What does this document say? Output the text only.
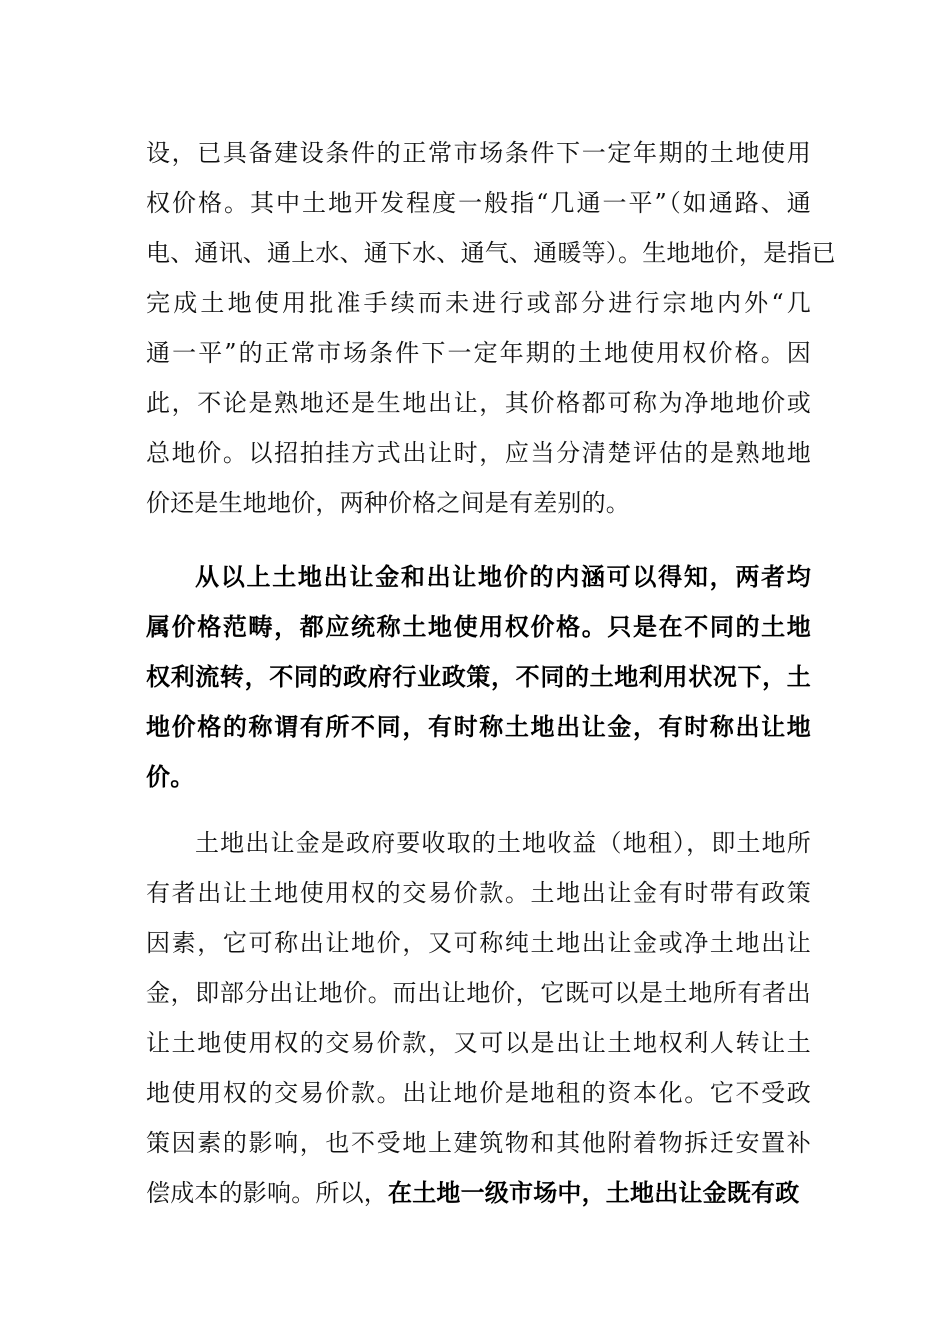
设，已具备建设条件的正常市场条件下一定年期的土地使用
权价格。其中土地开发程度一般指“几通一平”（如通路、通
电、通讯、通上水、通下水、通气、通暖等）。生地地价，是指已
完成土地使用批准手续而未进行或部分进行宗地内外“几
通一平”的正常市场条件下一定年期的土地使用权价格。因
此，不论是熟地还是生地出让，其价格都可称为净地地价或
总地价。以招拍挂方式出让时，应当分清楚评估的是熟地地
价还是生地地价，两种价格之间是有差别的。
从以上土地出让金和出让地价的内涵可以得知，两者均
属价格范畴，都应统称土地使用权价格。只是在不同的土地
权利流转，不同的政府行业政策，不同的土地利用状况下，土
地价格的称谓有所不同，有时称土地出让金，有时称出让地
价。
土地出让金是政府要收取的土地收益（地租），即土地所
有者出让土地使用权的交易价款。土地出让金有时带有政策
因素，它可称出让地价，又可称纯土地出让金或净土地出让
金，即部分出让地价。而出让地价，它既可以是土地所有者出
让土地使用权的交易价款，又可以是出让土地权利人转让土
地使用权的交易价款。出让地价是地租的资本化。它不受政
策因素的影响，也不受地上建筑物和其他附着物拆迁安置补
偿成本的影响。所以，在土地一级市场中，土地出让金既有政
